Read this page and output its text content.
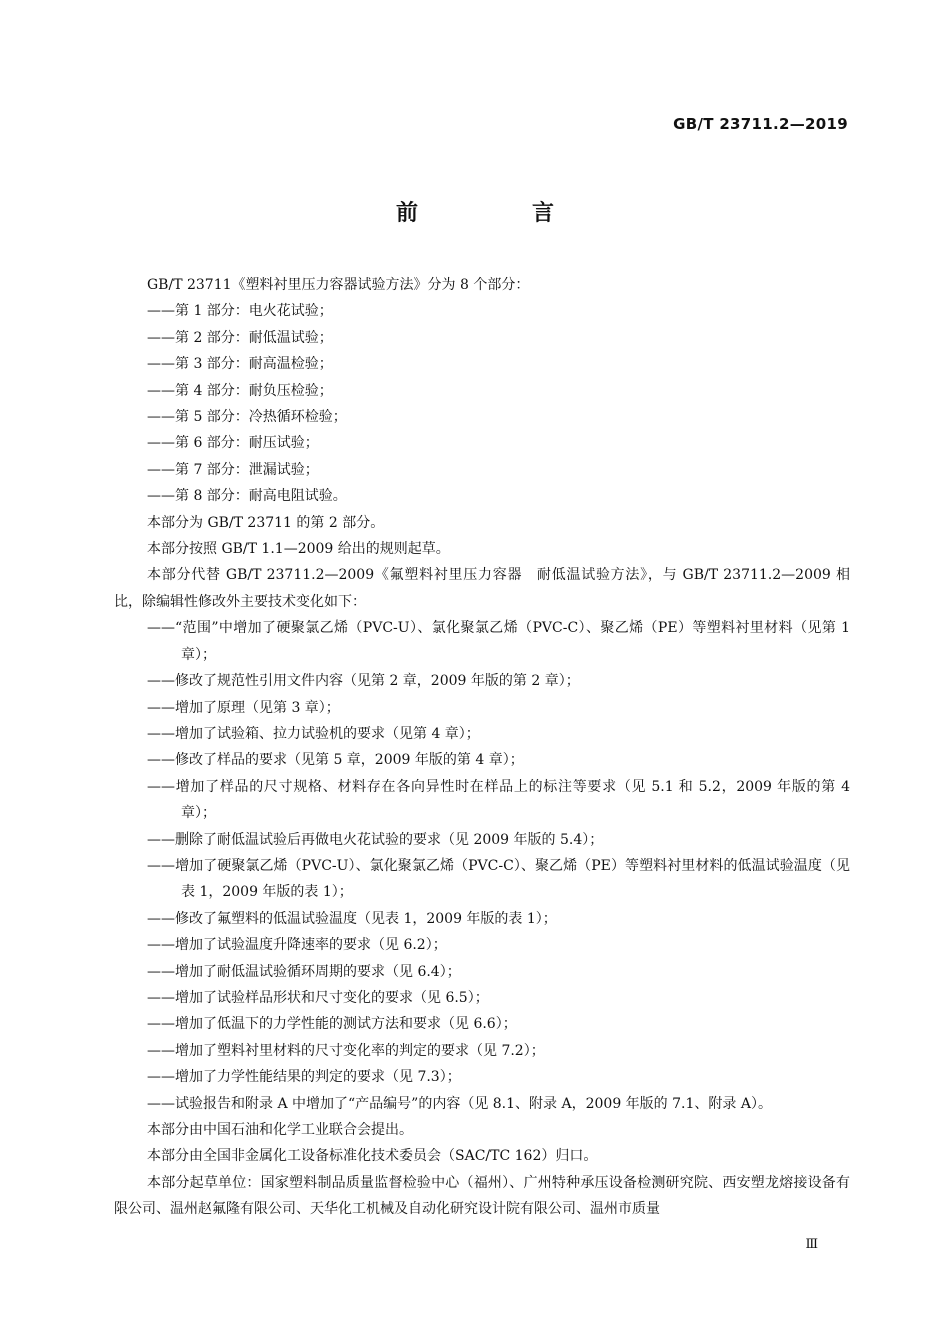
GB/T 23711.2—2019
前　言
GB/T 23711《塑料衬里压力容器试验方法》分为 8 个部分：
——第 1 部分：电火花试验；
——第 2 部分：耐低温试验；
——第 3 部分：耐高温检验；
——第 4 部分：耐负压检验；
——第 5 部分：冷热循环检验；
——第 6 部分：耐压试验；
——第 7 部分：泄漏试验；
——第 8 部分：耐高电阻试验。
本部分为 GB/T 23711 的第 2 部分。
本部分按照 GB/T 1.1—2009 给出的规则起草。
本部分代替 GB/T 23711.2—2009《氟塑料衬里压力容器　耐低温试验方法》，与 GB/T 23711.2—2009 相比，除编辑性修改外主要技术变化如下：
——“范围”中增加了硬聚氯乙烯（PVC-U）、氯化聚氯乙烯（PVC-C）、聚乙烯（PE）等塑料衬里材料（见第 1 章）；
——修改了规范性引用文件内容（见第 2 章，2009 年版的第 2 章）；
——增加了原理（见第 3 章）；
——增加了试验箱、拉力试验机的要求（见第 4 章）；
——修改了样品的要求（见第 5 章，2009 年版的第 4 章）；
——增加了样品的尺寸规格、材料存在各向异性时在样品上的标注等要求（见 5.1 和 5.2，2009 年版的第 4 章）；
——删除了耐低温试验后再做电火花试验的要求（见 2009 年版的 5.4）；
——增加了硬聚氯乙烯（PVC-U）、氯化聚氯乙烯（PVC-C）、聚乙烯（PE）等塑料衬里材料的低温试验温度（见表 1，2009 年版的表 1）；
——修改了氟塑料的低温试验温度（见表 1，2009 年版的表 1）；
——增加了试验温度升降速率的要求（见 6.2）；
——增加了耐低温试验循环周期的要求（见 6.4）；
——增加了试验样品形状和尺寸变化的要求（见 6.5）；
——增加了低温下的力学性能的测试方法和要求（见 6.6）；
——增加了塑料衬里材料的尺寸变化率的判定的要求（见 7.2）；
——增加了力学性能结果的判定的要求（见 7.3）；
——试验报告和附录 A 中增加了“产品编号”的内容（见 8.1、附录 A，2009 年版的 7.1、附录 A）。
本部分由中国石油和化学工业联合会提出。
本部分由全国非金属化工设备标准化技术委员会（SAC/TC 162）归口。
本部分起草单位：国家塑料制品质量监督检验中心（福州）、广州特种承压设备检测研究院、西安塑龙熔接设备有限公司、温州赵氟隆有限公司、天华化工机械及自动化研究设计院有限公司、温州市质量
Ⅲ
